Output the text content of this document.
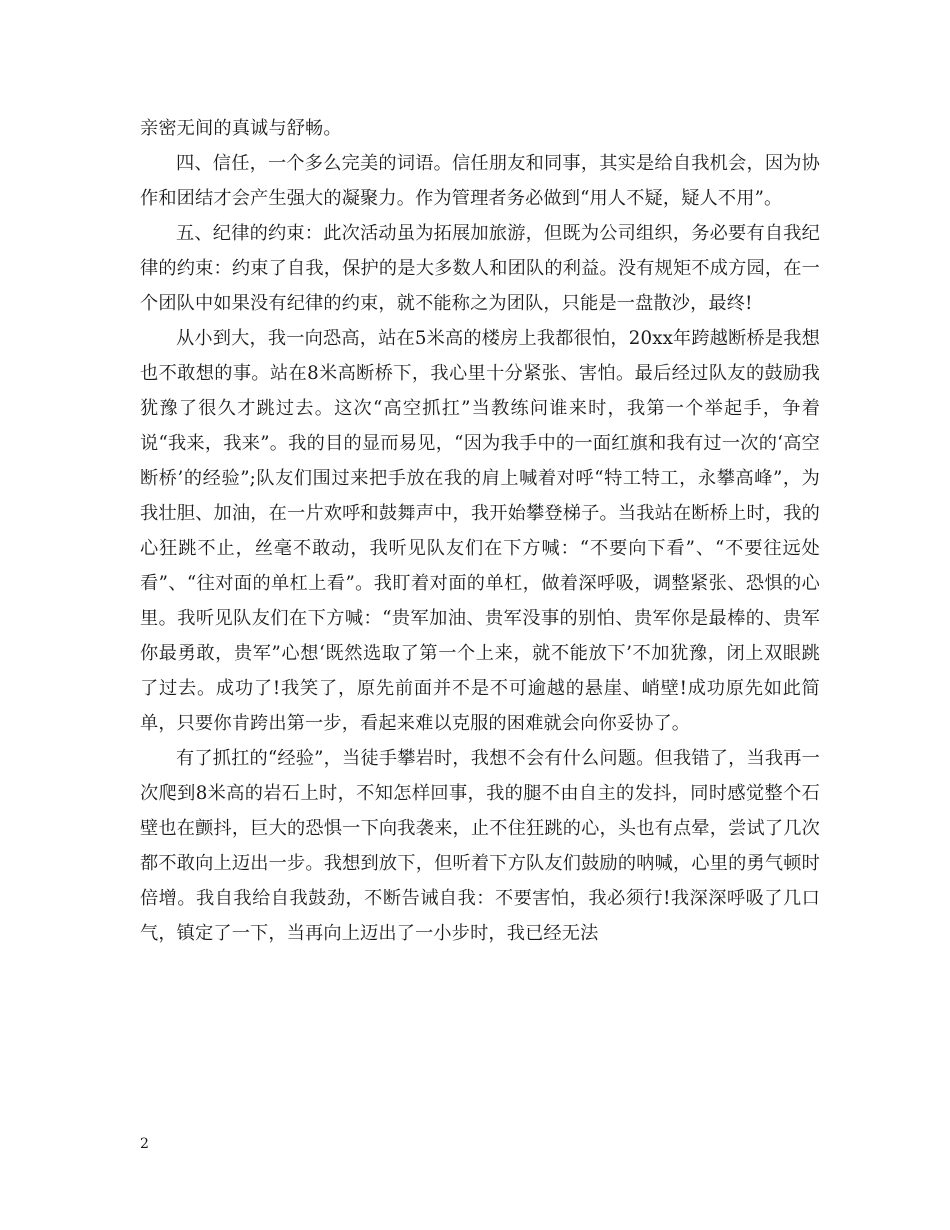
亲密无间的真诚与舒畅。

四、信任，一个多么完美的词语。信任朋友和同事，其实是给自我机会，因为协作和团结才会产生强大的凝聚力。作为管理者务必做到“用人不疑，疑人不用”。

五、纪律的约束：此次活动虽为拓展加旅游，但既为公司组织，务必要有自我纪律的约束：约束了自我，保护的是大多数人和团队的利益。没有规矩不成方园，在一个团队中如果没有纪律的约束，就不能称之为团队，只能是一盘散沙，最终!

从小到大，我一向恐高，站在5米高的楼房上我都很怕，20xx年跨越断桥是我想也不敢想的事。站在8米高断桥下，我心里十分紧张、害怕。最后经过队友的鼓励我犹豫了很久才跳过去。这次“高空抓扛”当教练问谁来时，我第一个举起手，争着说“我来，我来”。我的目的显而易见，“因为我手中的一面红旗和我有过一次的‘高空断桥’的经验”;队友们围过来把手放在我的肩上喊着对呼“特工特工，永攀高峰”，为我壮胆、加油，在一片欢呼和鼓舞声中，我开始攀登梯子。当我站在断桥上时，我的心狂跳不止，丝毫不敢动，我听见队友们在下方喊：“不要向下看”、“不要往远处看”、“往对面的单杠上看”。我盯着对面的单杠，做着深呼吸，调整紧张、恐惧的心里。我听见队友们在下方喊：“贵军加油、贵军没事的别怕、贵军你是最棒的、贵军你最勇敢，贵军”心想‘既然选取了第一个上来，就不能放下’不加犹豫，闭上双眼跳了过去。成功了!我笑了，原先前面并不是不可逾越的悬崖、峭壁!成功原先如此简单，只要你肯跨出第一步，看起来难以克服的困难就会向你妥协了。

有了抓扛的“经验”，当徒手攀岩时，我想不会有什么问题。但我错了，当我再一次爬到8米高的岩石上时，不知怎样回事，我的腿不由自主的发抖，同时感觉整个石壁也在颤抖，巨大的恐惧一下向我袭来，止不住狂跳的心，头也有点晕，尝试了几次都不敢向上迈出一步。我想到放下，但听着下方队友们鼓励的呐喊，心里的勇气顿时倍增。我自我给自我鼓劲，不断告诫自我：不要害怕，我必须行!我深深呼吸了几口气，镇定了一下，当再向上迈出了一小步时，我已经无法

2
